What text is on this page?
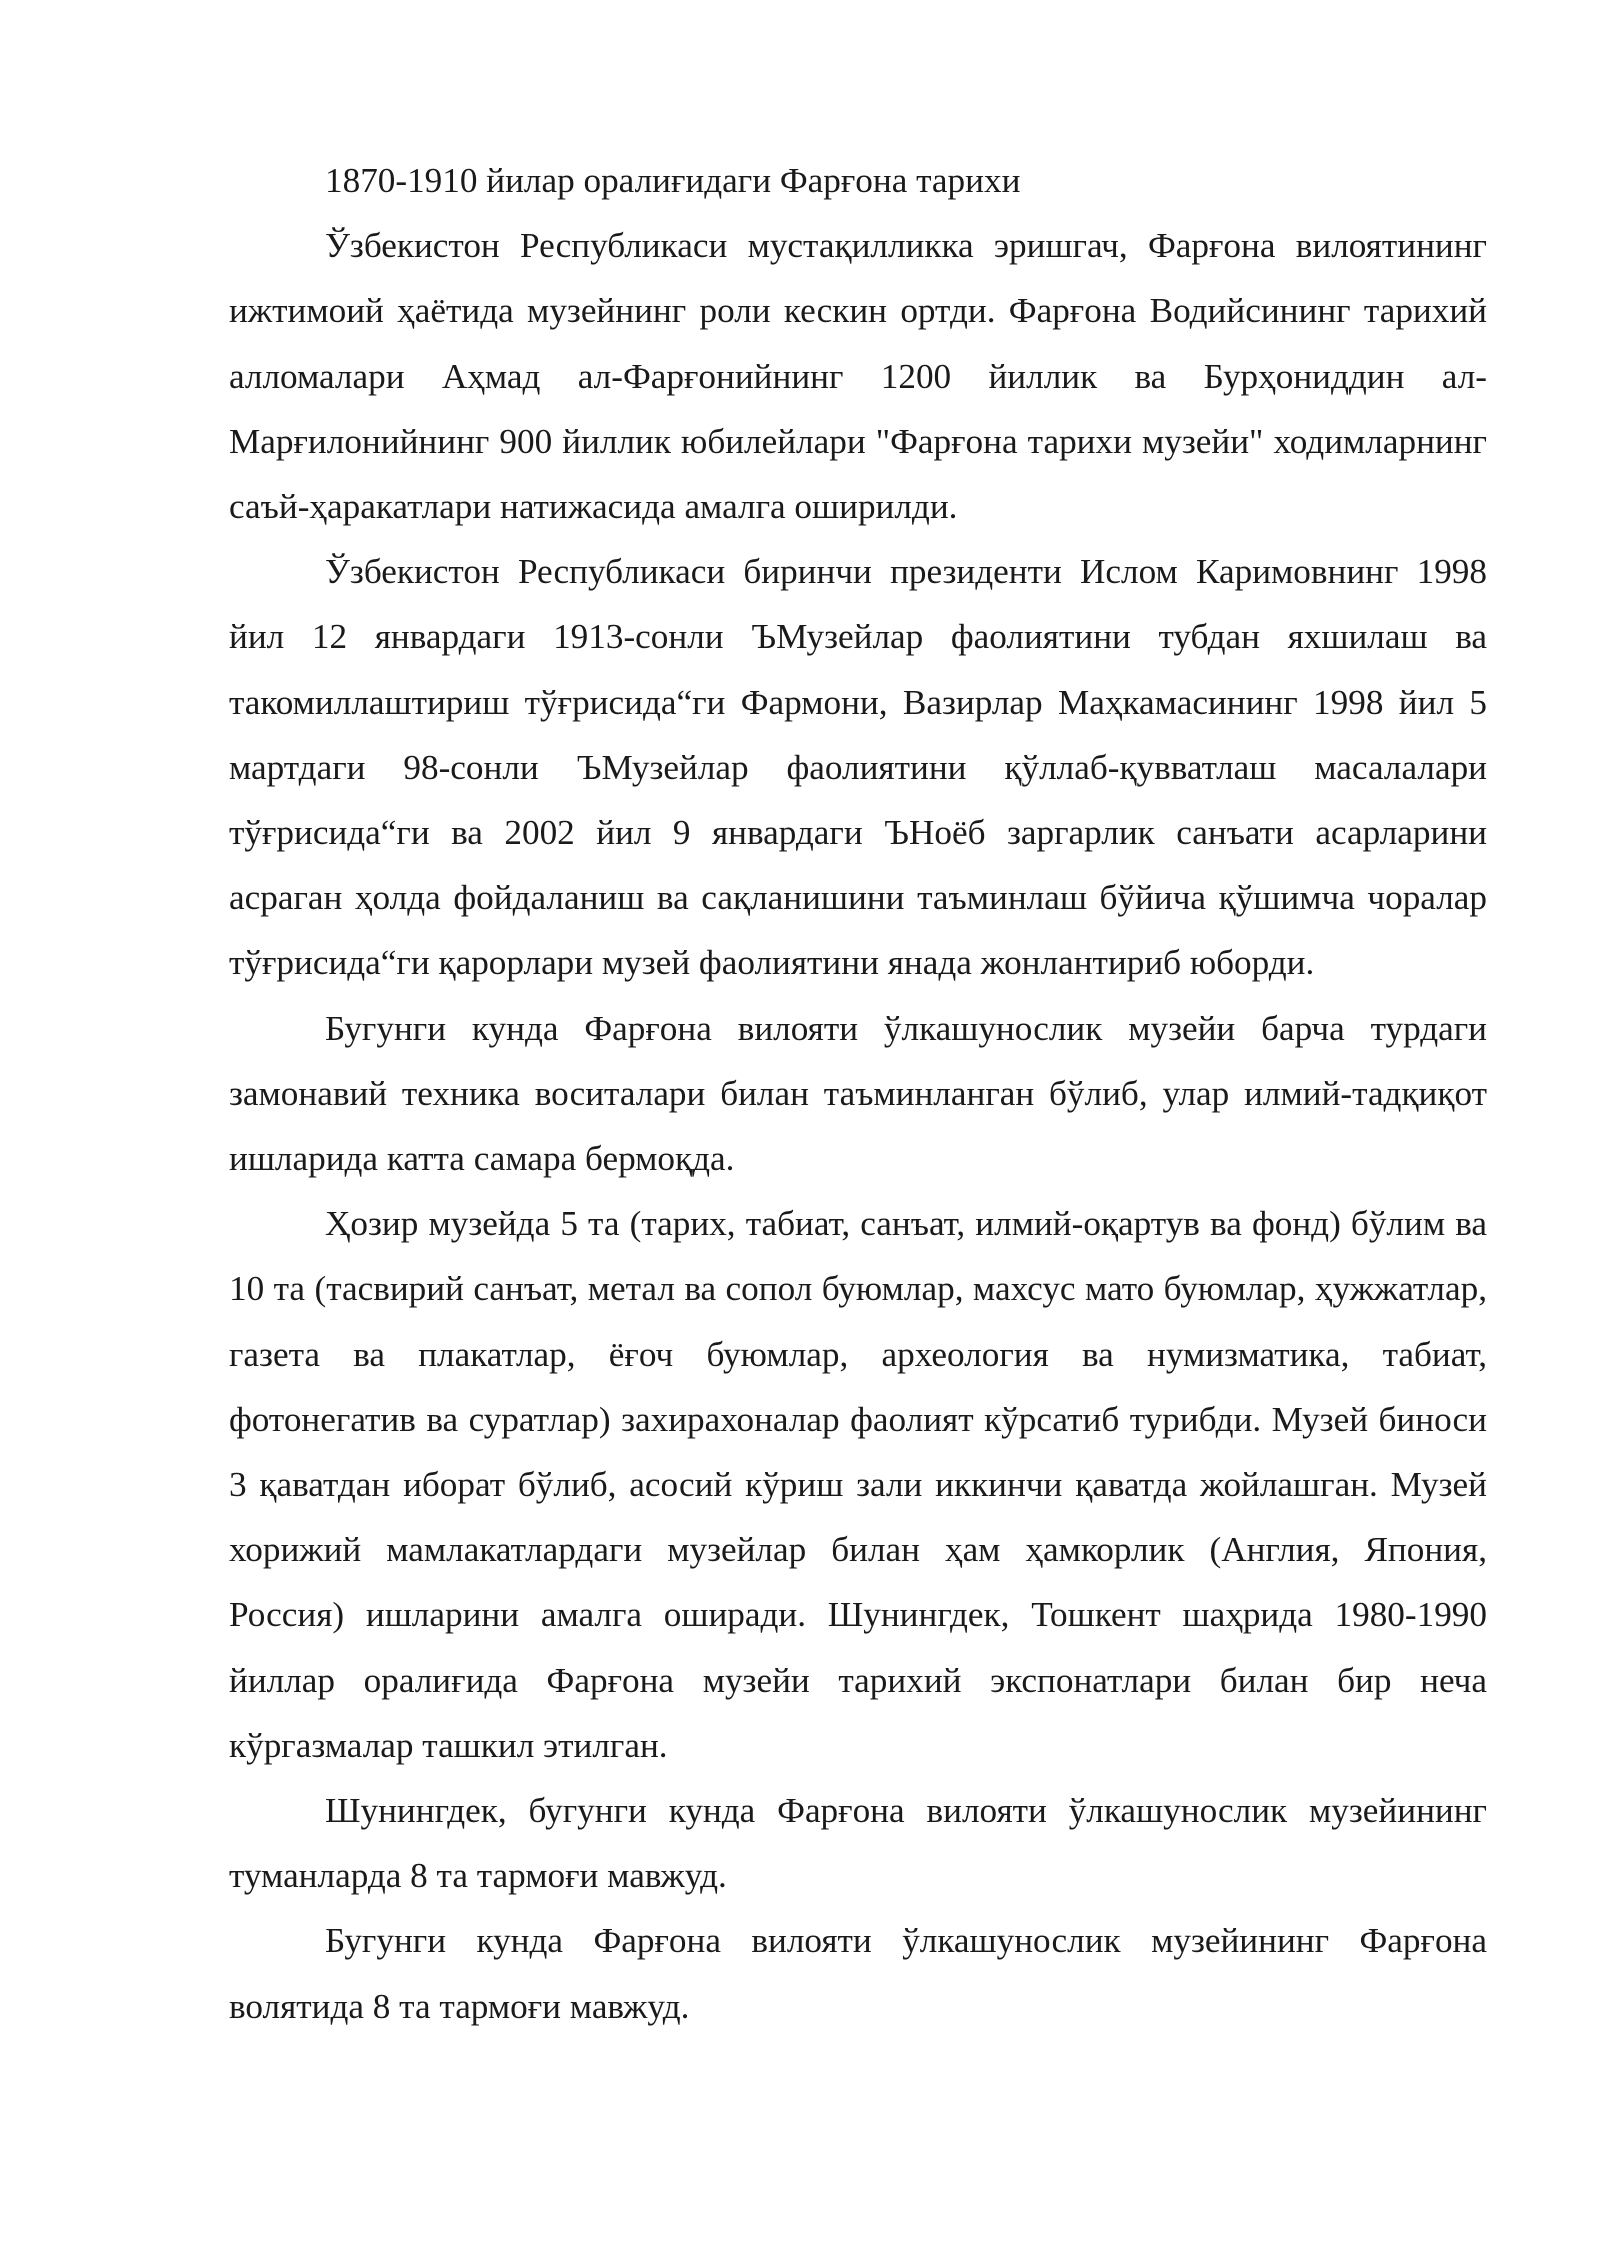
1870-1910 йилар оралиғидаги Фарғона тарихи

Ўзбекистон Республикаси мустақилликка эришгач, Фарғона вилоятининг ижтимоий ҳаётида музейнинг роли кескин ортди. Фарғона Водийсининг тарихий алломалари Аҳмад ал-Фарғонийнинг 1200 йиллик ва Бурҳониддин ал-Марғилонийнинг 900 йиллик юбилейлари "Фарғона тарихи музейи" ходимларнинг саъй-ҳаракатлари натижасида амалга оширилди.

Ўзбекистон Республикаси биринчи президенти Ислом Каримовнинг 1998 йил 12 январдаги 1913-сонли ЪМузейлар фаолиятини тубдан яхшилаш ва такомиллаштириш тўғрисида“ги Фармони, Вазирлар Маҳкамасининг 1998 йил 5 мартдаги 98-сонли ЪМузейлар фаолиятини қўллаб-қувватлаш масалалари тўғрисида“ги ва 2002 йил 9 январдаги ЪНоёб заргарлик санъати асарларини асраган ҳолда фойдаланиш ва сақланишини таъминлаш бўйича қўшимча чоралар тўғрисида“ги қарорлари музей фаолиятини янада жонлантириб юборди.

Бугунги кунда Фарғона вилояти ўлкашунослик музейи барча турдаги замонавий техника воситалари билан таъминланган бўлиб, улар илмий-тадқиқот ишларида катта самара бермоқда.

Ҳозир музейда 5 та (тарих, табиат, санъат, илмий-оқартув ва фонд) бўлим ва 10 та (тасвирий санъат, метал ва сопол буюмлар, махсус мато буюмлар, ҳужжатлар, газета ва плакатлар, ёғоч буюмлар, археология ва нумизматика, табиат, фотонегатив ва суратлар) захирахоналар фаолият кўрсатиб турибди. Музей биноси 3 қаватдан иборат бўлиб, асосий кўриш зали иккинчи қаватда жойлашган. Музей хорижий мамлакатлардаги музейлар билан ҳам ҳамкорлик (Англия, Япония, Россия) ишларини амалга оширади. Шунингдек, Тошкент шаҳрида 1980-1990 йиллар оралиғида Фарғона музейи тарихий экспонатлари билан бир неча кўргазмалар ташкил этилган.

Шунингдек, бугунги кунда Фарғона вилояти ўлкашунослик музейининг туманларда 8 та тармоғи мавжуд.

Бугунги кунда Фарғона вилояти ўлкашунослик музейининг Фарғона волятида 8 та тармоғи мавжуд.
